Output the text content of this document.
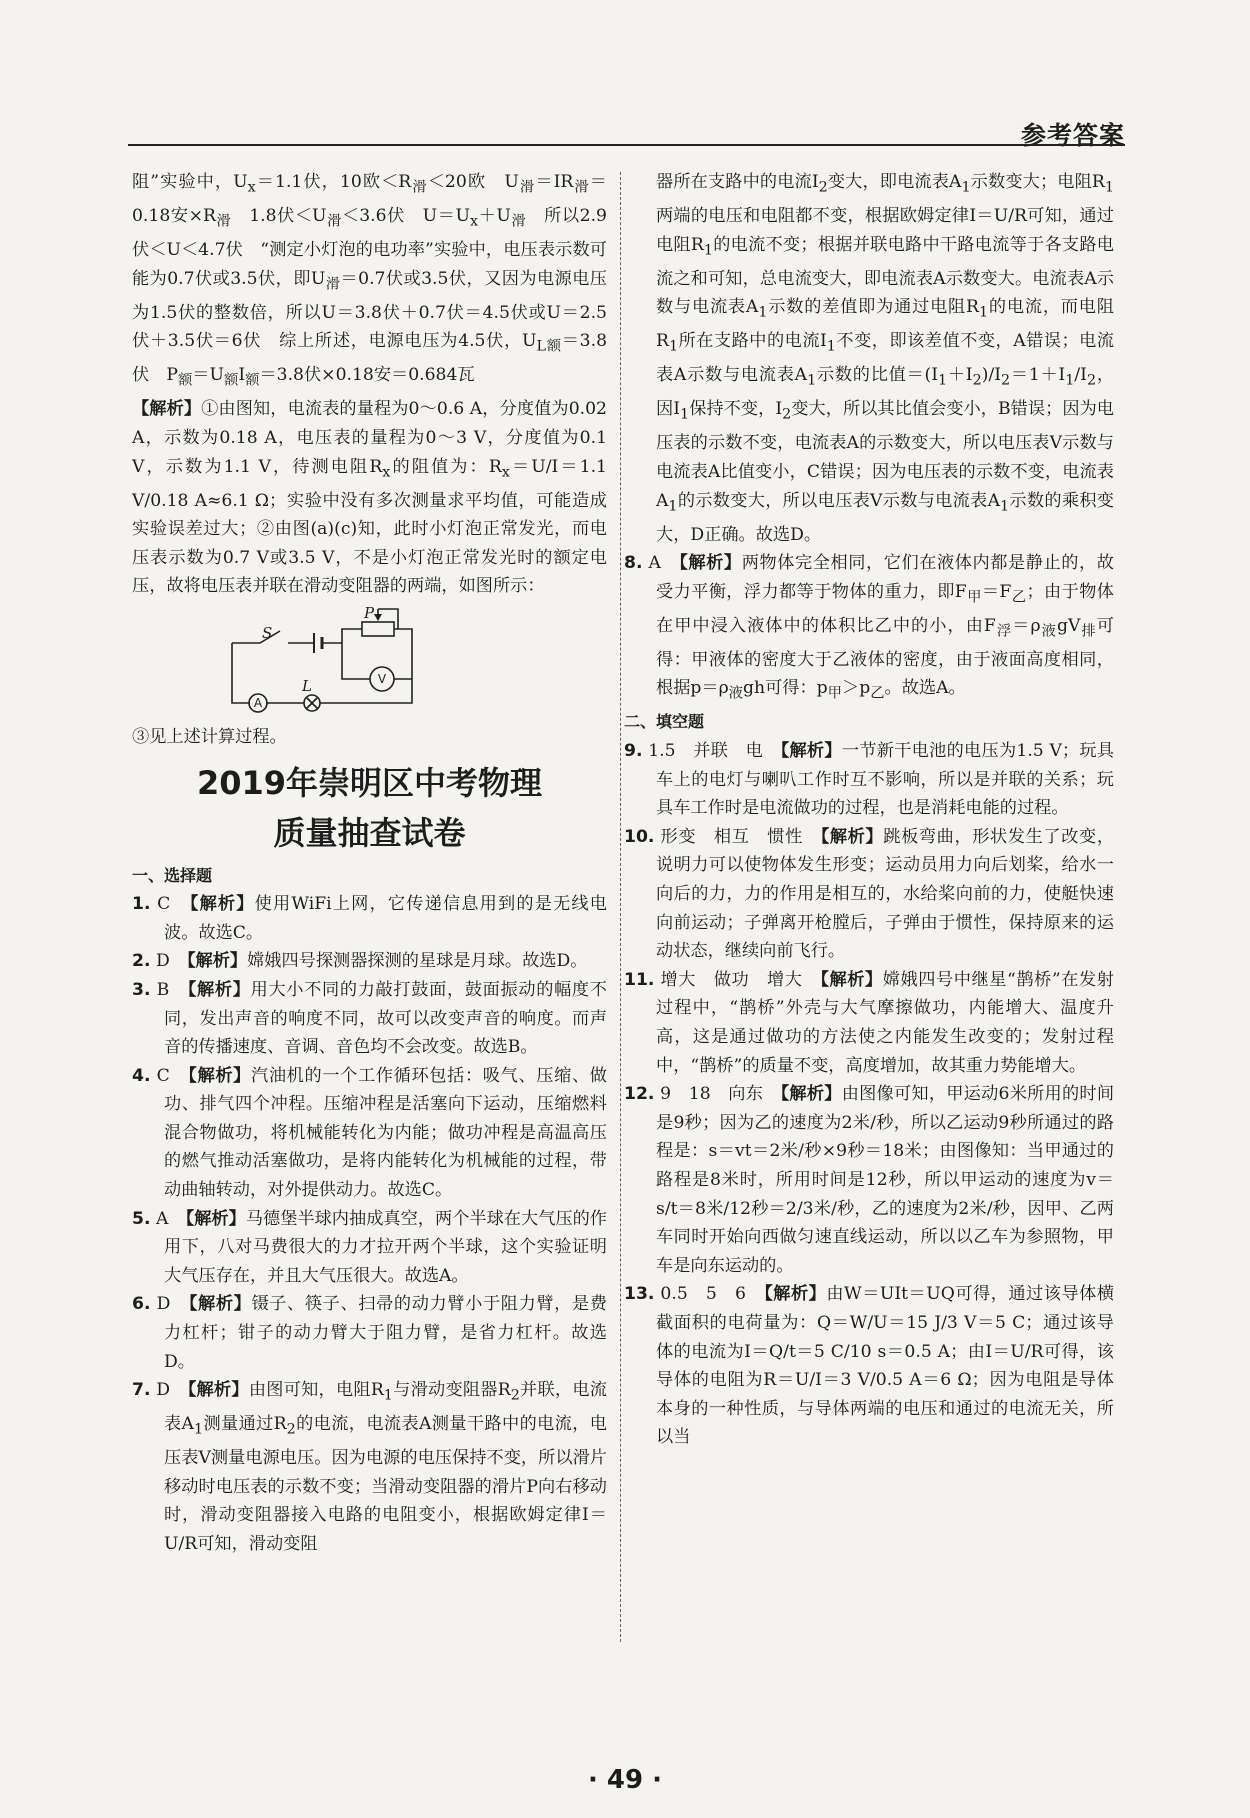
参考答案

阻”实验中，$U_x=1.1$伏，10欧$<R_滑<20$欧　$U_滑=IR_滑=0.18$安$\times R_滑$　1.8伏$<U_滑<3.6$伏　$U=U_x+U_滑$　所以2.9伏＜U＜4.7伏　“测定小灯泡的电功率”实验中，电压表示数可能为0.7伏或3.5伏，即$U_滑=0.7$伏或3.5伏，又因为电源电压为1.5伏的整数倍，所以U＝3.8伏＋0.7伏＝4.5伏或U＝2.5伏＋3.5伏＝6伏　综上所述，电源电压为4.5伏，$U_{L额}=3.8$伏　$P_额=U_额I_额=3.8$伏×0.18安＝0.684瓦

【解析】①由图知，电流表的量程为0～0.6 A，分度值为0.02 A，示数为0.18 A，电压表的量程为0～3 V，分度值为0.1 V，示数为1.1 V，待测电阻$R_x$的阻值为：$R_x=U/I=1.1$ V/0.18 A≈6.1 Ω；实验中没有多次测量求平均值，可能造成实验误差过大；②由图(a)(c)知，此时小灯泡正常发光，而电压表示数为0.7 V或3.5 V，不是小灯泡正常发光时的额定电压，故将电压表并联在滑动变阻器的两端，如图所示：

S
P
L
A
V

③见上述计算过程。

2019年崇明区中考物理
质量抽查试卷

一、选择题

1. C　【解析】使用WiFi上网，它传递信息用到的是无线电波。故选C。

2. D　【解析】嫦娥四号探测器探测的星球是月球。故选D。

3. B　【解析】用大小不同的力敲打鼓面，鼓面振动的幅度不同，发出声音的响度不同，故可以改变声音的响度。而声音的传播速度、音调、音色均不会改变。故选B。

4. C　【解析】汽油机的一个工作循环包括：吸气、压缩、做功、排气四个冲程。压缩冲程是活塞向下运动，压缩燃料混合物做功，将机械能转化为内能；做功冲程是高温高压的燃气推动活塞做功，是将内能转化为机械能的过程，带动曲轴转动，对外提供动力。故选C。

5. A　【解析】马德堡半球内抽成真空，两个半球在大气压的作用下，八对马费很大的力才拉开两个半球，这个实验证明大气压存在，并且大气压很大。故选A。

6. D　【解析】镊子、筷子、扫帚的动力臂小于阻力臂，是费力杠杆；钳子的动力臂大于阻力臂，是省力杠杆。故选D。

7. D　【解析】由图可知，电阻$R_1$与滑动变阻器$R_2$并联，电流表$A_1$测量通过$R_2$的电流，电流表A测量干路中的电流，电压表V测量电源电压。因为电源的电压保持不变，所以滑片移动时电压表的示数不变；当滑动变阻器的滑片P向右移动时，滑动变阻器接入电路的电阻变小，根据欧姆定律I＝U/R可知，滑动变阻

器所在支路中的电流$I_2$变大，即电流表$A_1$示数变大；电阻$R_1$两端的电压和电阻都不变，根据欧姆定律I＝U/R可知，通过电阻$R_1$的电流不变；根据并联电路中干路电流等于各支路电流之和可知，总电流变大，即电流表A示数变大。电流表A示数与电流表$A_1$示数的差值即为通过电阻$R_1$的电流，而电阻$R_1$所在支路中的电流$I_1$不变，即该差值不变，A错误；电流表A示数与电流表$A_1$示数的比值$=(I_1+I_2)/I_2=1+I_1/I_2$，因$I_1$保持不变，$I_2$变大，所以其比值会变小，B错误；因为电压表的示数不变，电流表A的示数变大，所以电压表V示数与电流表A比值变小，C错误；因为电压表的示数不变，电流表$A_1$的示数变大，所以电压表V示数与电流表$A_1$示数的乘积变大，D正确。故选D。

8. A　【解析】两物体完全相同，它们在液体内都是静止的，故受力平衡，浮力都等于物体的重力，即$F_甲=F_乙$；由于物体在甲中浸入液体中的体积比乙中的小，由$F_浮=\rho_液gV_排$可得：甲液体的密度大于乙液体的密度，由于液面高度相同，根据$p=\rho_液gh$可得：$p_甲>p_乙$。故选A。

二、填空题

9. 1.5　并联　电　【解析】一节新干电池的电压为1.5 V；玩具车上的电灯与喇叭工作时互不影响，所以是并联的关系；玩具车工作时是电流做功的过程，也是消耗电能的过程。

10. 形变　相互　惯性　【解析】跳板弯曲，形状发生了改变，说明力可以使物体发生形变；运动员用力向后划桨，给水一向后的力，力的作用是相互的，水给桨向前的力，使艇快速向前运动；子弹离开枪膛后，子弹由于惯性，保持原来的运动状态，继续向前飞行。

11. 增大　做功　增大　【解析】嫦娥四号中继星“鹊桥”在发射过程中，“鹊桥”外壳与大气摩擦做功，内能增大、温度升高，这是通过做功的方法使之内能发生改变的；发射过程中，“鹊桥”的质量不变，高度增加，故其重力势能增大。

12. 9　18　向东　【解析】由图像可知，甲运动6米所用的时间是9秒；因为乙的速度为2米/秒，所以乙运动9秒所通过的路程是：s＝vt＝2米/秒×9秒＝18米；由图像知：当甲通过的路程是8米时，所用时间是12秒，所以甲运动的速度为v＝s/t＝8米/12秒＝2/3米/秒，乙的速度为2米/秒，因甲、乙两车同时开始向西做匀速直线运动，所以以乙车为参照物，甲车是向东运动的。

13. 0.5　5　6　【解析】由W＝UIt＝UQ可得，通过该导体横截面积的电荷量为：Q＝W/U＝15 J/3 V＝5 C；通过该导体的电流为I＝Q/t＝5 C/10 s＝0.5 A；由I＝U/R可得，该导体的电阻为R＝U/I＝3 V/0.5 A＝6 Ω；因为电阻是导体本身的一种性质，与导体两端的电压和通过的电流无关，所以当

· 49 ·
